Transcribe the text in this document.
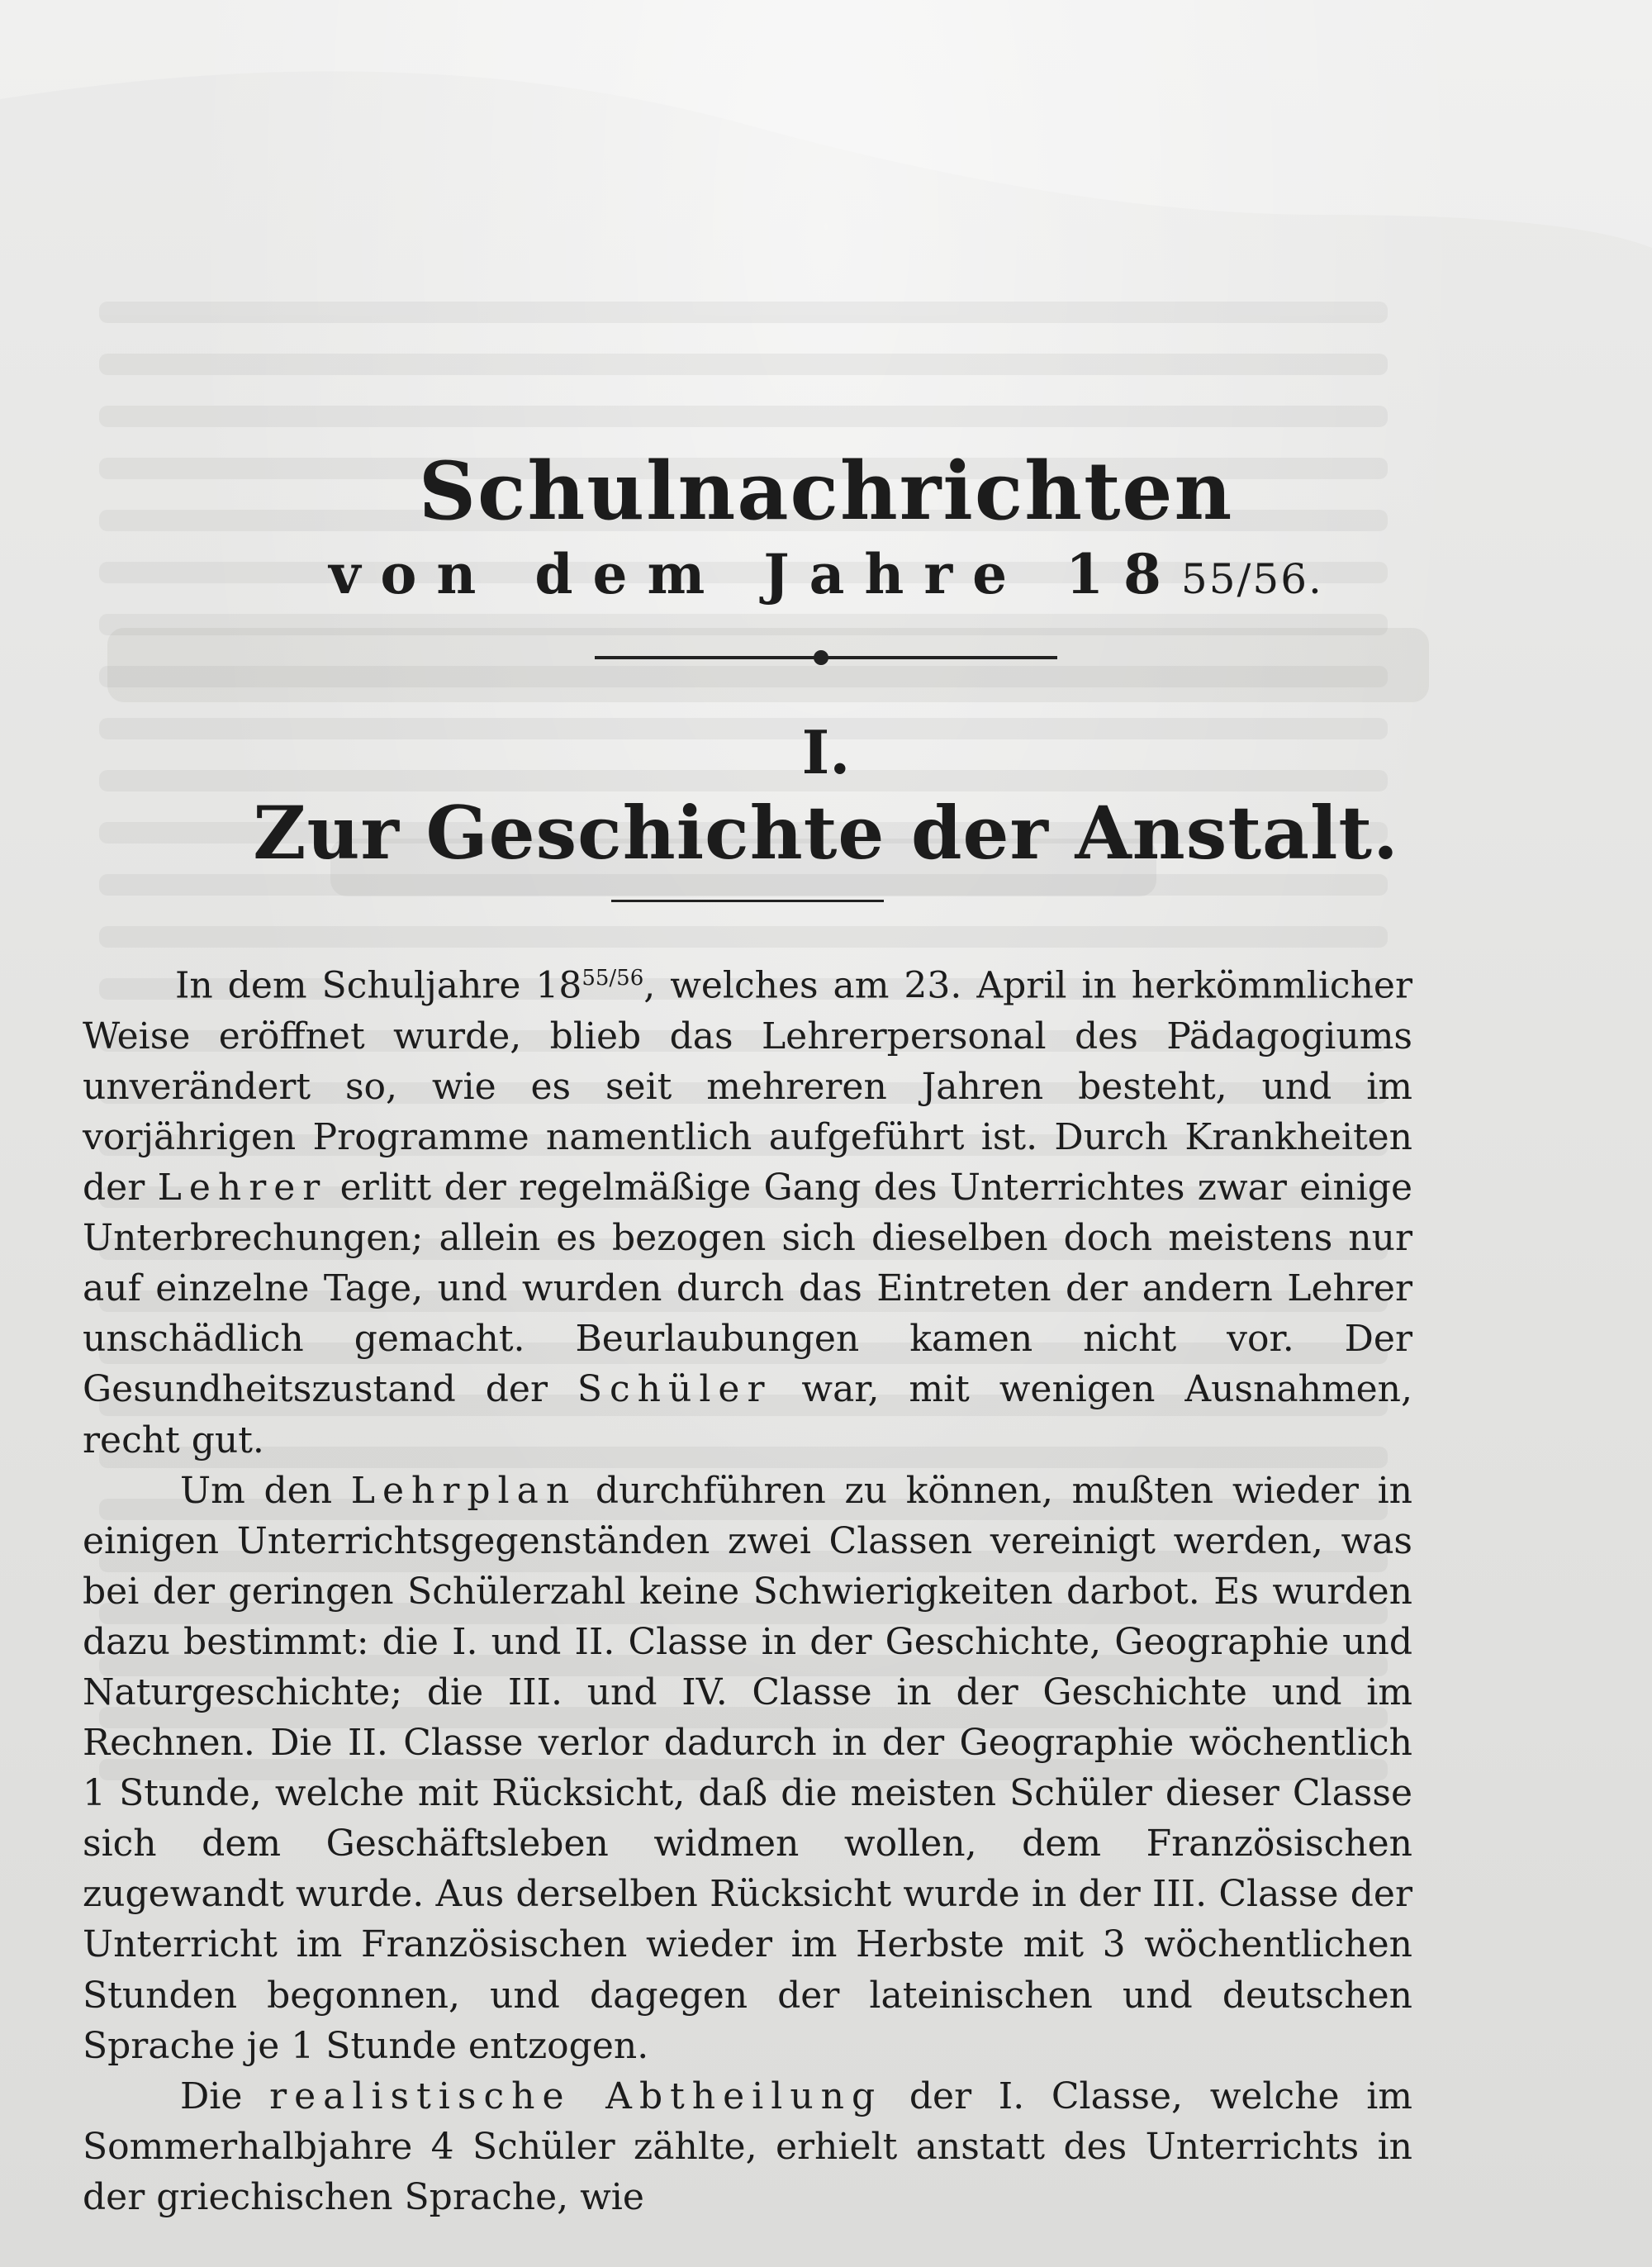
Schulnachrichten
von dem Jahre 1855/56.
I.
Zur Geschichte der Anstalt.

In dem Schuljahre $18^{55/56}$, welches am 23. April in herkömmlicher Weise eröffnet wurde, blieb das Lehrerpersonal des Pädagogiums unverändert so, wie es seit mehreren Jahren besteht, und im vorjährigen Programme namentlich aufgeführt ist. Durch Krankheiten der Lehrer erlitt der regelmäßige Gang des Unterrichtes zwar einige Unterbrechungen; allein es bezogen sich dieselben doch meistens nur auf einzelne Tage, und wurden durch das Eintreten der andern Lehrer unschädlich gemacht. Beurlaubungen kamen nicht vor. Der Gesundheitszustand der Schüler war, mit wenigen Ausnahmen, recht gut.

Um den Lehrplan durchführen zu können, mußten wieder in einigen Unterrichtsgegenständen zwei Classen vereinigt werden, was bei der geringen Schülerzahl keine Schwierigkeiten darbot. Es wurden dazu bestimmt: die I. und II. Classe in der Geschichte, Geographie und Naturgeschichte; die III. und IV. Classe in der Geschichte und im Rechnen. Die II. Classe verlor dadurch in der Geographie wöchentlich 1 Stunde, welche mit Rücksicht, daß die meisten Schüler dieser Classe sich dem Geschäftsleben widmen wollen, dem Französischen zugewandt wurde. Aus derselben Rücksicht wurde in der III. Classe der Unterricht im Französischen wieder im Herbste mit 3 wöchentlichen Stunden begonnen, und dagegen der lateinischen und deutschen Sprache je 1 Stunde entzogen.

Die realistische Abtheilung der I. Classe, welche im Sommerhalbjahre 4 Schüler zählte, erhielt anstatt des Unterrichts in der griechischen Sprache, wie
